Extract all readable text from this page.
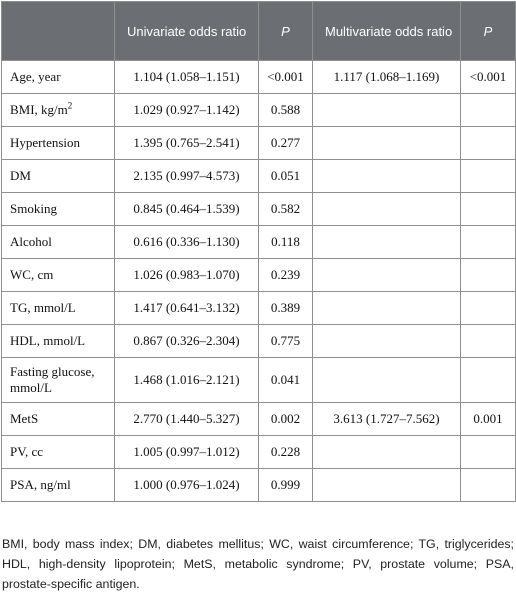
	Univariate odds ratio	P	Multivariate odds ratio	P
Age, year	1.104 (1.058–1.151)	<0.001	1.117 (1.068–1.169)	<0.001
BMI, $kg/m^2$	1.029 (0.927–1.142)	0.588		
Hypertension	1.395 (0.765–2.541)	0.277		
DM	2.135 (0.997–4.573)	0.051		
Smoking	0.845 (0.464–1.539)	0.582		
Alcohol	0.616 (0.336–1.130)	0.118		
WC, cm	1.026 (0.983–1.070)	0.239		
TG, mmol/L	1.417 (0.641–3.132)	0.389		
HDL, mmol/L	0.867 (0.326–2.304)	0.775		
Fasting glucose, mmol/L	1.468 (1.016–2.121)	0.041		
MetS	2.770 (1.440–5.327)	0.002	3.613 (1.727–7.562)	0.001
PV, cc	1.005 (0.997–1.012)	0.228		
PSA, ng/ml	1.000 (0.976–1.024)	0.999		
BMI, body mass index; DM, diabetes mellitus; WC, waist circumference; TG, triglycerides; HDL, high-density lipoprotein; MetS, metabolic syndrome; PV, prostate volume; PSA, prostate-specific antigen.
